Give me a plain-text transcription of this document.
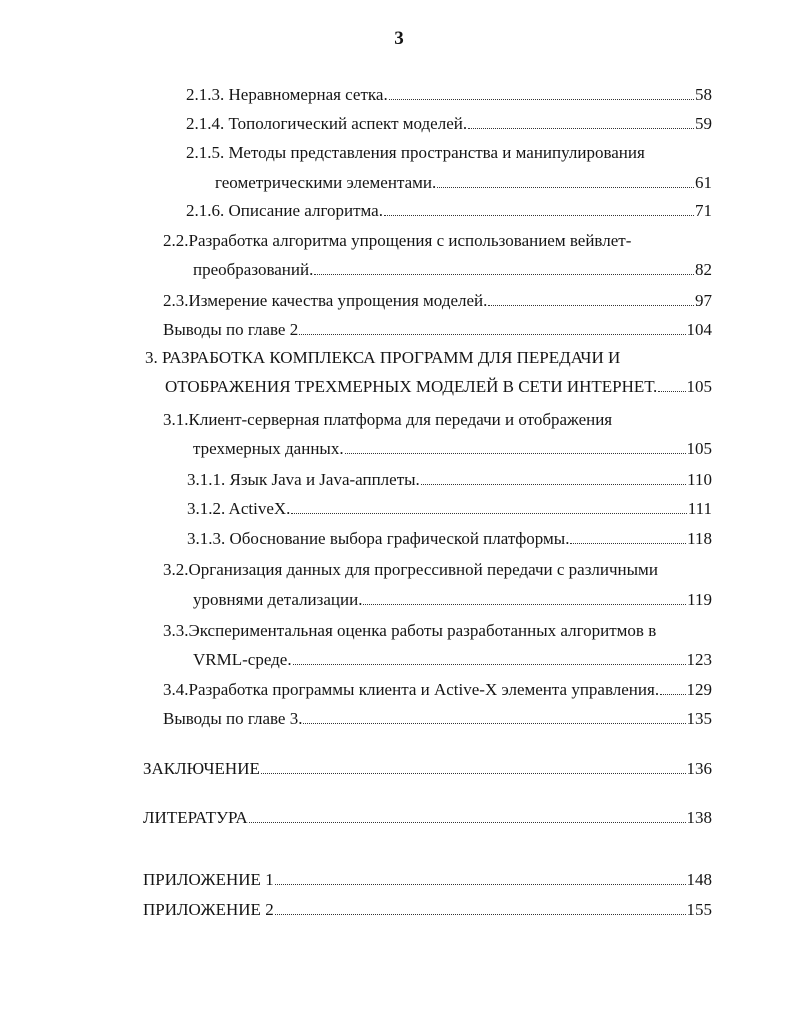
3
2.1.3. Неравномерная сетка.	58
2.1.4. Топологический аспект моделей.	59
2.1.5. Методы представления пространства и манипулирования
геометрическими элементами.	61
2.1.6. Описание алгоритма.	71
2.2.Разработка алгоритма упрощения с использованием вейвлет-
преобразований.	82
2.3.Измерение качества упрощения моделей.	97
Выводы по главе 2	104
3. РАЗРАБОТКА КОМПЛЕКСА ПРОГРАММ ДЛЯ ПЕРЕДАЧИ И
ОТОБРАЖЕНИЯ ТРЕХМЕРНЫХ МОДЕЛЕЙ В СЕТИ ИНТЕРНЕТ. 105
3.1.Клиент-серверная платформа для передачи и отображения
трехмерных данных.	105
3.1.1. Язык Java и Java-апплеты.	110
3.1.2. ActiveX.	111
3.1.3. Обоснование выбора графической платформы.	118
3.2.Организация данных для прогрессивной передачи с различными
уровнями детализации.	119
3.3.Экспериментальная оценка работы разработанных алгоритмов в
VRML-среде.	123
3.4.Разработка программы клиента и Active-X элемента управления. 129
Выводы по главе 3.	135
ЗАКЛЮЧЕНИЕ	136
ЛИТЕРАТУРА	138
ПРИЛОЖЕНИЕ 1	148
ПРИЛОЖЕНИЕ 2	155
